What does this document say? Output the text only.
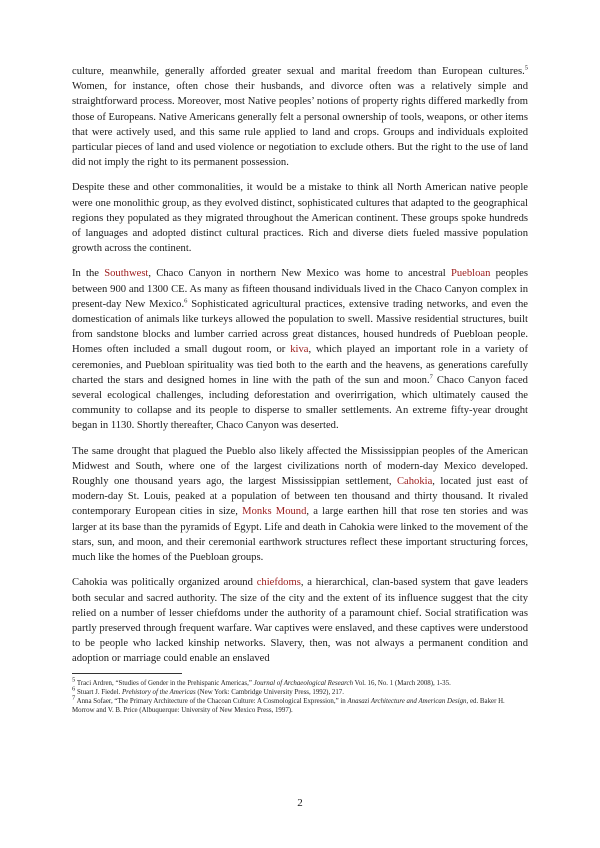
culture, meanwhile, generally afforded greater sexual and marital freedom than European cultures.$^5$ Women, for instance, often chose their husbands, and divorce often was a relatively simple and straightforward process. Moreover, most Native peoples’ notions of property rights differed markedly from those of Europeans. Native Americans generally felt a personal ownership of tools, weapons, or other items that were actively used, and this same rule applied to land and crops. Groups and individuals exploited particular pieces of land and used violence or negotiation to exclude others. But the right to the use of land did not imply the right to its permanent possession.

Despite these and other commonalities, it would be a mistake to think all North American native people were one monolithic group, as they evolved distinct, sophisticated cultures that adapted to the geographical regions they populated as they migrated throughout the American continent. These groups spoke hundreds of languages and adopted distinct cultural practices. Rich and diverse diets fueled massive population growth across the continent.

In the Southwest, Chaco Canyon in northern New Mexico was home to ancestral Puebloan peoples between 900 and 1300 CE. As many as fifteen thousand individuals lived in the Chaco Canyon complex in present-day New Mexico.$^6$ Sophisticated agricultural practices, extensive trading networks, and even the domestication of animals like turkeys allowed the population to swell. Massive residential structures, built from sandstone blocks and lumber carried across great distances, housed hundreds of Puebloan people. Homes often included a small dugout room, or kiva, which played an important role in a variety of ceremonies, and Puebloan spirituality was tied both to the earth and the heavens, as generations carefully charted the stars and designed homes in line with the path of the sun and moon.$^7$ Chaco Canyon faced several ecological challenges, including deforestation and overirrigation, which ultimately caused the community to collapse and its people to disperse to smaller settlements. An extreme fifty-year drought began in 1130. Shortly thereafter, Chaco Canyon was deserted.

The same drought that plagued the Pueblo also likely affected the Mississippian peoples of the American Midwest and South, where one of the largest civilizations north of modern-day Mexico developed. Roughly one thousand years ago, the largest Mississippian settlement, Cahokia, located just east of modern-day St. Louis, peaked at a population of between ten thousand and thirty thousand. It rivaled contemporary European cities in size, Monks Mound, a large earthen hill that rose ten stories and was larger at its base than the pyramids of Egypt. Life and death in Cahokia were linked to the movement of the stars, sun, and moon, and their ceremonial earthwork structures reflect these important structuring forces, much like the homes of the Puebloan groups.

Cahokia was politically organized around chiefdoms, a hierarchical, clan-based system that gave leaders both secular and sacred authority. The size of the city and the extent of its influence suggest that the city relied on a number of lesser chiefdoms under the authority of a paramount chief. Social stratification was partly preserved through frequent warfare. War captives were enslaved, and these captives were understood to be people who lacked kinship networks. Slavery, then, was not always a permanent condition and adoption or marriage could enable an enslaved

$^5$ Traci Ardren, “Studies of Gender in the Prehispanic Americas,” Journal of Archaeological Research Vol. 16, No. 1 (March 2008), 1-35.

$^6$ Stuart J. Fiedel. Prehistory of the Americas (New York: Cambridge University Press, 1992), 217.

$^7$ Anna Sofaer, “The Primary Architecture of the Chacoan Culture: A Cosmological Expression,” in Anasazi Architecture and American Design, ed. Baker H. Morrow and V. B. Price (Albuquerque: University of New Mexico Press, 1997).

2
